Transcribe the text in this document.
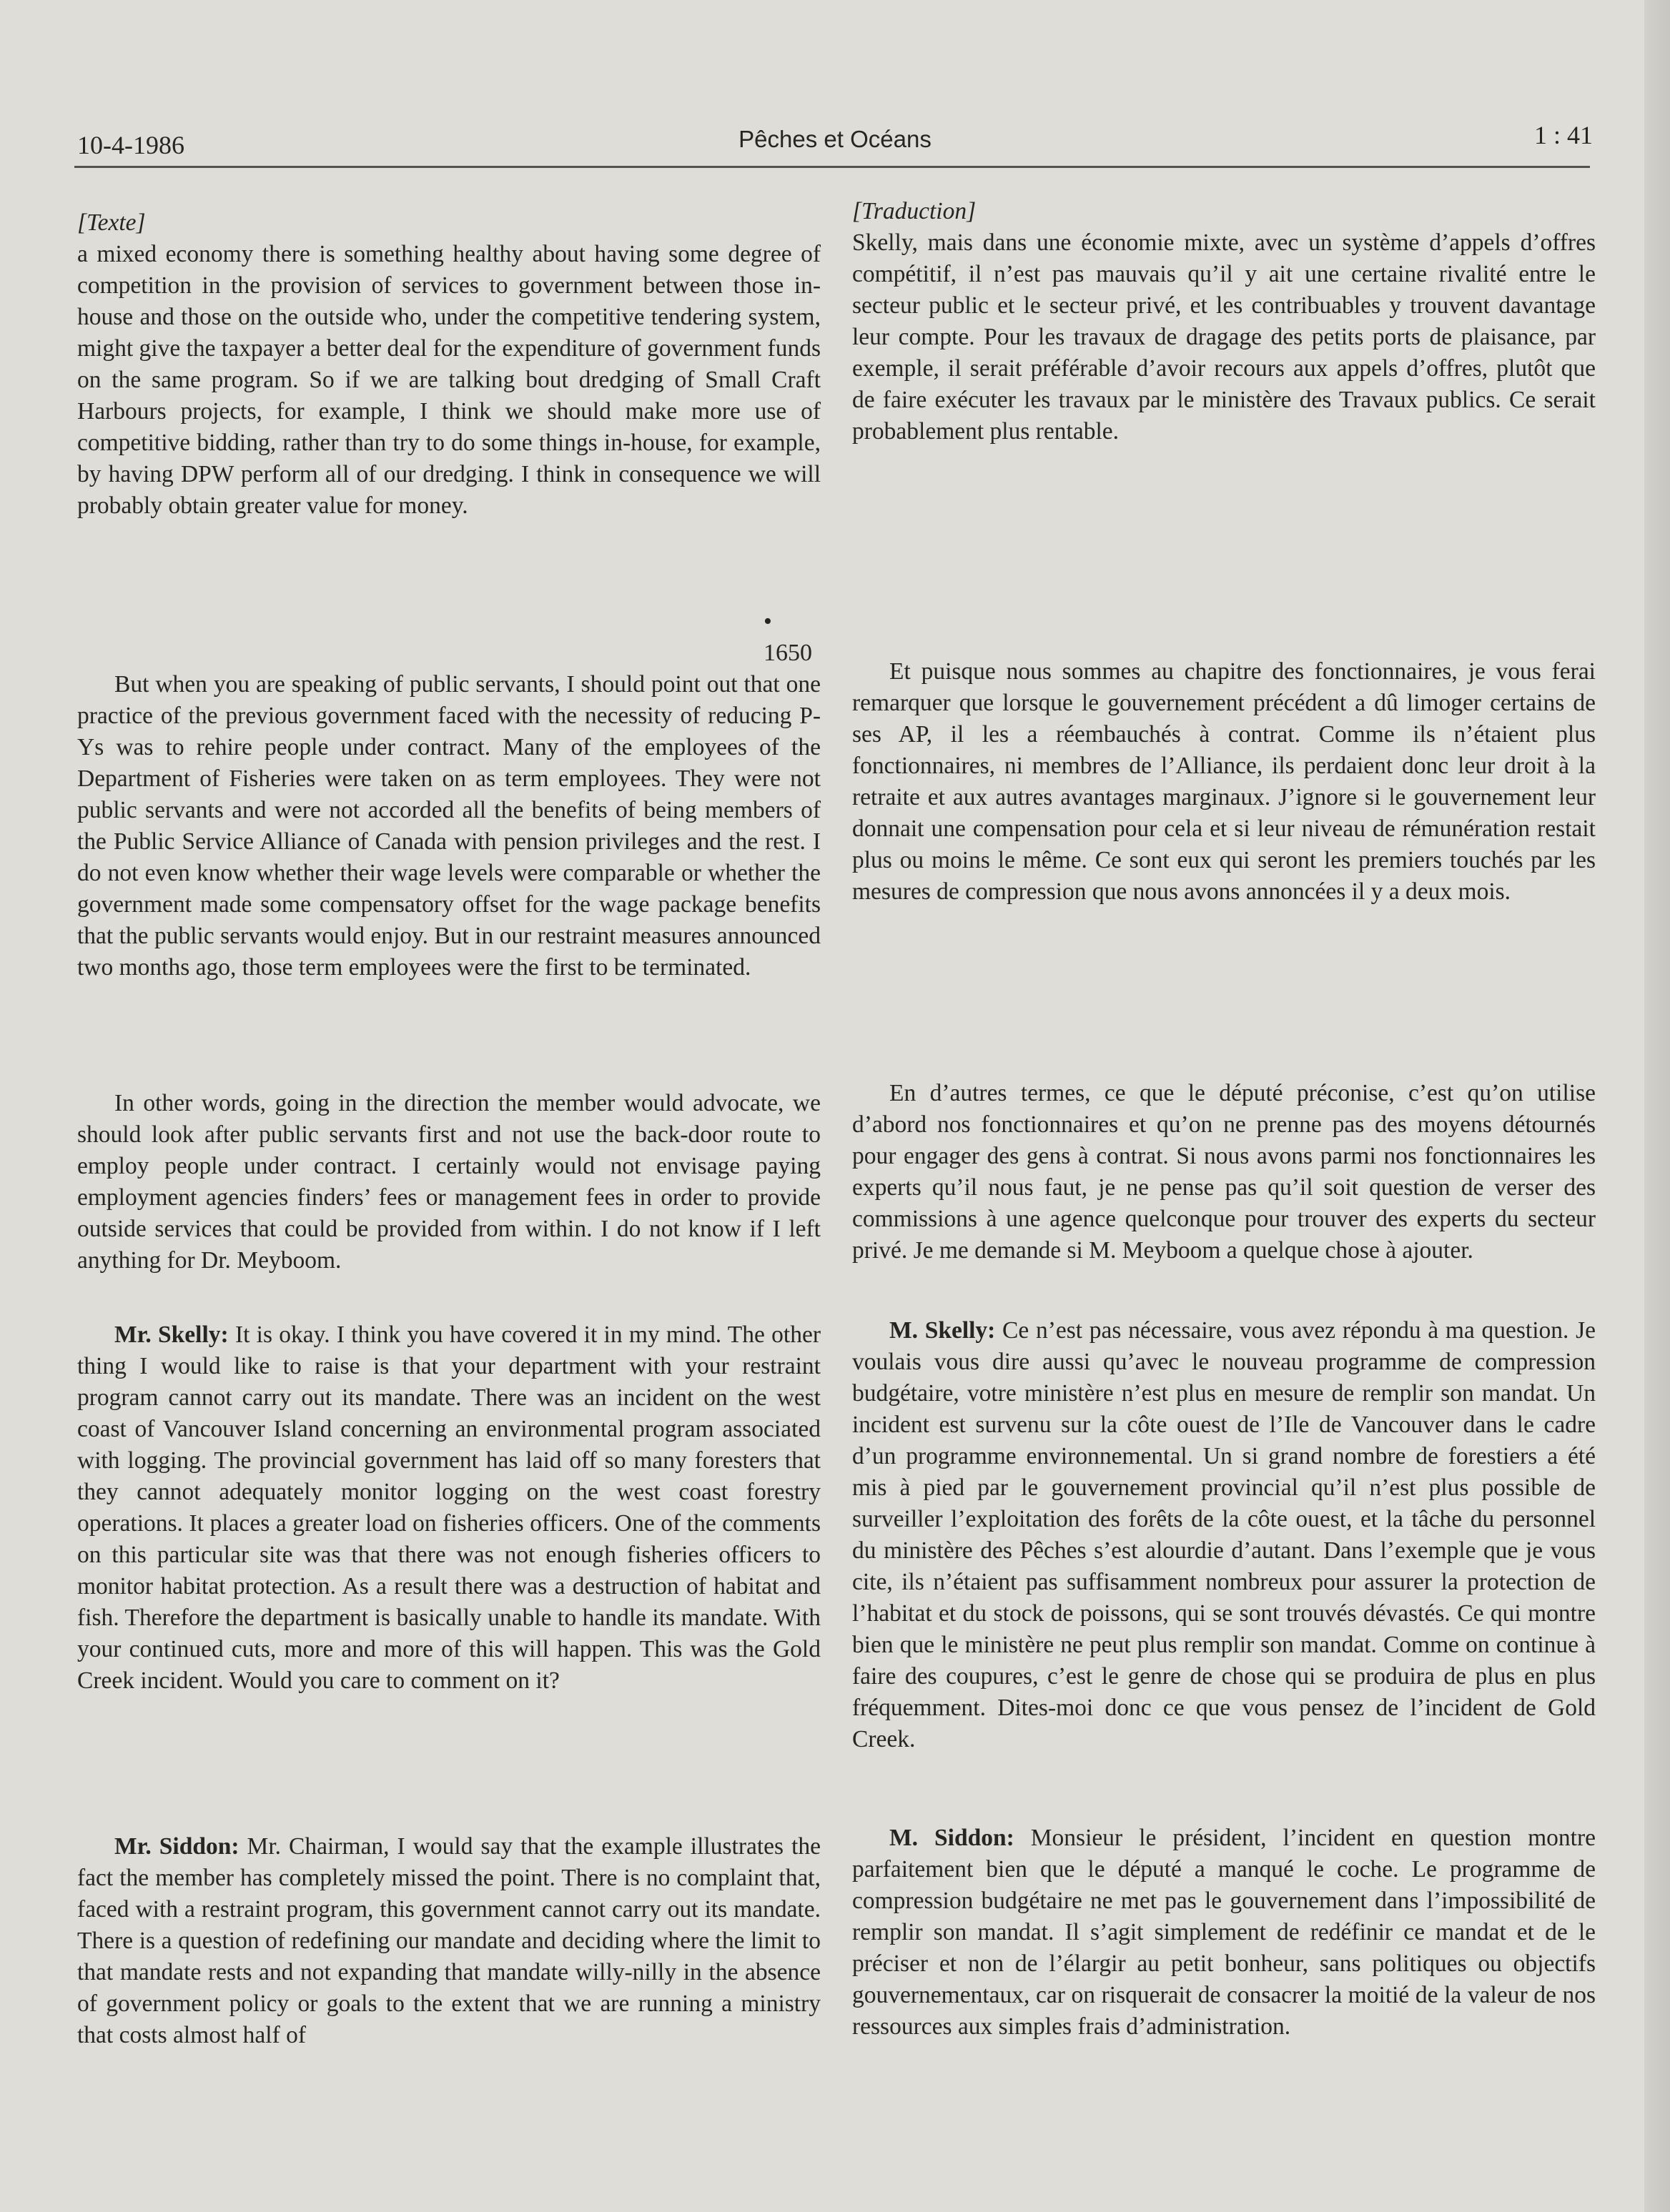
10-4-1986	Pêches et Océans	1 : 41

[Texte]

a mixed economy there is something healthy about having some degree of competition in the provision of services to government between those in-house and those on the outside who, under the competitive tendering system, might give the taxpayer a better deal for the expenditure of government funds on the same program. So if we are talking bout dredging of Small Craft Harbours projects, for example, I think we should make more use of competitive bidding, rather than try to do some things in-house, for example, by having DPW perform all of our dredging. I think in consequence we will probably obtain greater value for money.

• 1650

But when you are speaking of public servants, I should point out that one practice of the previous government faced with the necessity of reducing P-Ys was to rehire people under contract. Many of the employees of the Department of Fisheries were taken on as term employees. They were not public servants and were not accorded all the benefits of being members of the Public Service Alliance of Canada with pension privileges and the rest. I do not even know whether their wage levels were comparable or whether the government made some compensatory offset for the wage package benefits that the public servants would enjoy. But in our restraint measures announced two months ago, those term employees were the first to be terminated.

In other words, going in the direction the member would advocate, we should look after public servants first and not use the back-door route to employ people under contract. I certainly would not envisage paying employment agencies finders’ fees or management fees in order to provide outside services that could be provided from within. I do not know if I left anything for Dr. Meyboom.

Mr. Skelly: It is okay. I think you have covered it in my mind. The other thing I would like to raise is that your department with your restraint program cannot carry out its mandate. There was an incident on the west coast of Vancouver Island concerning an environmental program associated with logging. The provincial government has laid off so many foresters that they cannot adequately monitor logging on the west coast forestry operations. It places a greater load on fisheries officers. One of the comments on this particular site was that there was not enough fisheries officers to monitor habitat protection. As a result there was a destruction of habitat and fish. Therefore the department is basically unable to handle its mandate. With your continued cuts, more and more of this will happen. This was the Gold Creek incident. Would you care to comment on it?

Mr. Siddon: Mr. Chairman, I would say that the example illustrates the fact the member has completely missed the point. There is no complaint that, faced with a restraint program, this government cannot carry out its mandate. There is a question of redefining our mandate and deciding where the limit to that mandate rests and not expanding that mandate willy-nilly in the absence of government policy or goals to the extent that we are running a ministry that costs almost half of

[Traduction]

Skelly, mais dans une économie mixte, avec un système d’appels d’offres compétitif, il n’est pas mauvais qu’il y ait une certaine rivalité entre le secteur public et le secteur privé, et les contribuables y trouvent davantage leur compte. Pour les travaux de dragage des petits ports de plaisance, par exemple, il serait préférable d’avoir recours aux appels d’offres, plutôt que de faire exécuter les travaux par le ministère des Travaux publics. Ce serait probablement plus rentable.

Et puisque nous sommes au chapitre des fonctionnaires, je vous ferai remarquer que lorsque le gouvernement précédent a dû limoger certains de ses AP, il les a réembauchés à contrat. Comme ils n’étaient plus fonctionnaires, ni membres de l’Alliance, ils perdaient donc leur droit à la retraite et aux autres avantages marginaux. J’ignore si le gouvernement leur donnait une compensation pour cela et si leur niveau de rémunération restait plus ou moins le même. Ce sont eux qui seront les premiers touchés par les mesures de compression que nous avons annoncées il y a deux mois.

En d’autres termes, ce que le député préconise, c’est qu’on utilise d’abord nos fonctionnaires et qu’on ne prenne pas des moyens détournés pour engager des gens à contrat. Si nous avons parmi nos fonctionnaires les experts qu’il nous faut, je ne pense pas qu’il soit question de verser des commissions à une agence quelconque pour trouver des experts du secteur privé. Je me demande si M. Meyboom a quelque chose à ajouter.

M. Skelly: Ce n’est pas nécessaire, vous avez répondu à ma question. Je voulais vous dire aussi qu’avec le nouveau programme de compression budgétaire, votre ministère n’est plus en mesure de remplir son mandat. Un incident est survenu sur la côte ouest de l’Ile de Vancouver dans le cadre d’un programme environnemental. Un si grand nombre de forestiers a été mis à pied par le gouvernement provincial qu’il n’est plus possible de surveiller l’exploitation des forêts de la côte ouest, et la tâche du personnel du ministère des Pêches s’est alourdie d’autant. Dans l’exemple que je vous cite, ils n’étaient pas suffisamment nombreux pour assurer la protection de l’habitat et du stock de poissons, qui se sont trouvés dévastés. Ce qui montre bien que le ministère ne peut plus remplir son mandat. Comme on continue à faire des coupures, c’est le genre de chose qui se produira de plus en plus fréquemment. Dites-moi donc ce que vous pensez de l’incident de Gold Creek.

M. Siddon: Monsieur le président, l’incident en question montre parfaitement bien que le député a manqué le coche. Le programme de compression budgétaire ne met pas le gouvernement dans l’impossibilité de remplir son mandat. Il s’agit simplement de redéfinir ce mandat et de le préciser et non de l’élargir au petit bonheur, sans politiques ou objectifs gouvernementaux, car on risquerait de consacrer la moitié de la valeur de nos ressources aux simples frais d’administration.
